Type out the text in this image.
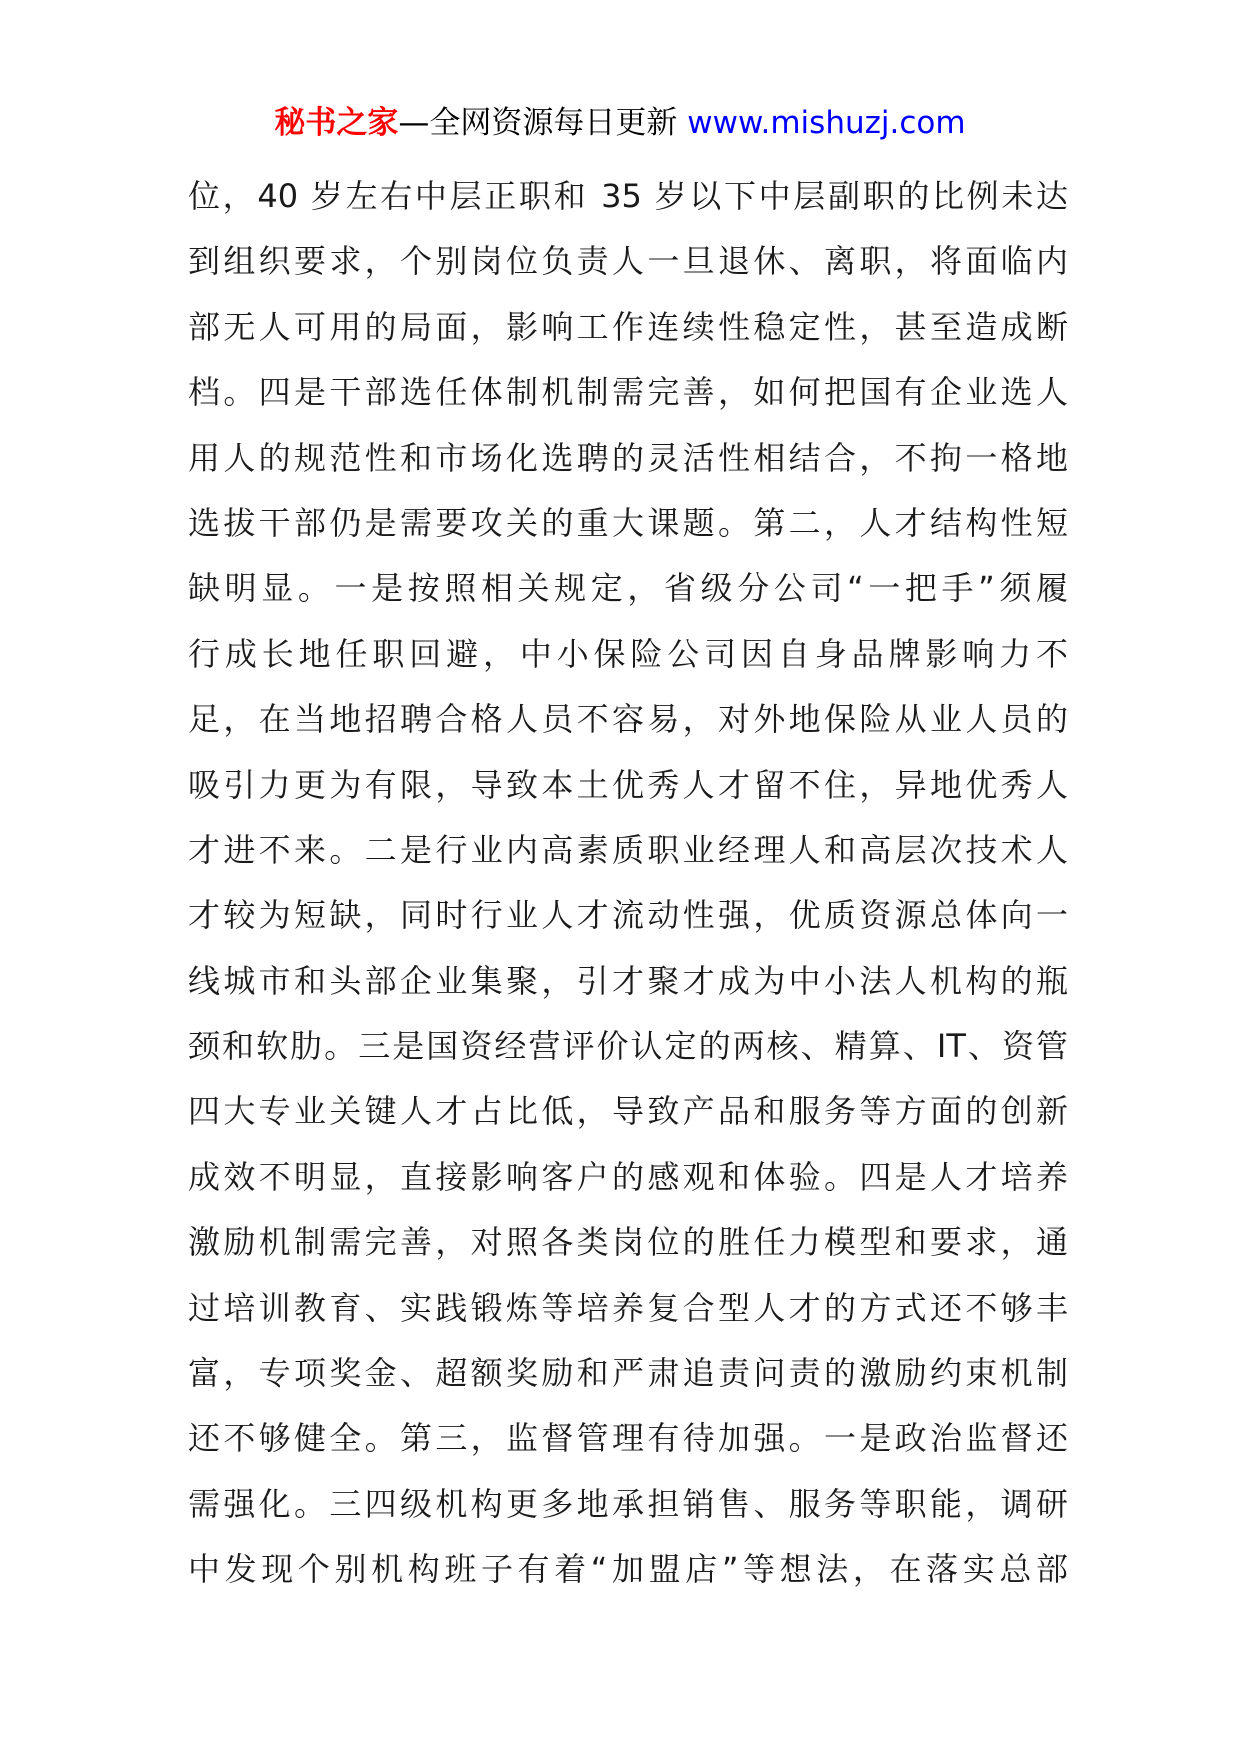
秘书之家—全网资源每日更新 www.mishuzj.com
位，40 岁左右中层正职和 35 岁以下中层副职的比例未达
到组织要求，个别岗位负责人一旦退休、离职，将面临内
部无人可用的局面，影响工作连续性稳定性，甚至造成断
档。四是干部选任体制机制需完善，如何把国有企业选人
用人的规范性和市场化选聘的灵活性相结合，不拘一格地
选拔干部仍是需要攻关的重大课题。第二，人才结构性短
缺明显。一是按照相关规定，省级分公司“一把手”须履
行成长地任职回避，中小保险公司因自身品牌影响力不
足，在当地招聘合格人员不容易，对外地保险从业人员的
吸引力更为有限，导致本土优秀人才留不住，异地优秀人
才进不来。二是行业内高素质职业经理人和高层次技术人
才较为短缺，同时行业人才流动性强，优质资源总体向一
线城市和头部企业集聚，引才聚才成为中小法人机构的瓶
颈和软肋。三是国资经营评价认定的两核、精算、IT、资管
四大专业关键人才占比低，导致产品和服务等方面的创新
成效不明显，直接影响客户的感观和体验。四是人才培养
激励机制需完善，对照各类岗位的胜任力模型和要求，通
过培训教育、实践锻炼等培养复合型人才的方式还不够丰
富，专项奖金、超额奖励和严肃追责问责的激励约束机制
还不够健全。第三，监督管理有待加强。一是政治监督还
需强化。三四级机构更多地承担销售、服务等职能，调研
中发现个别机构班子有着“加盟店”等想法，在落实总部
